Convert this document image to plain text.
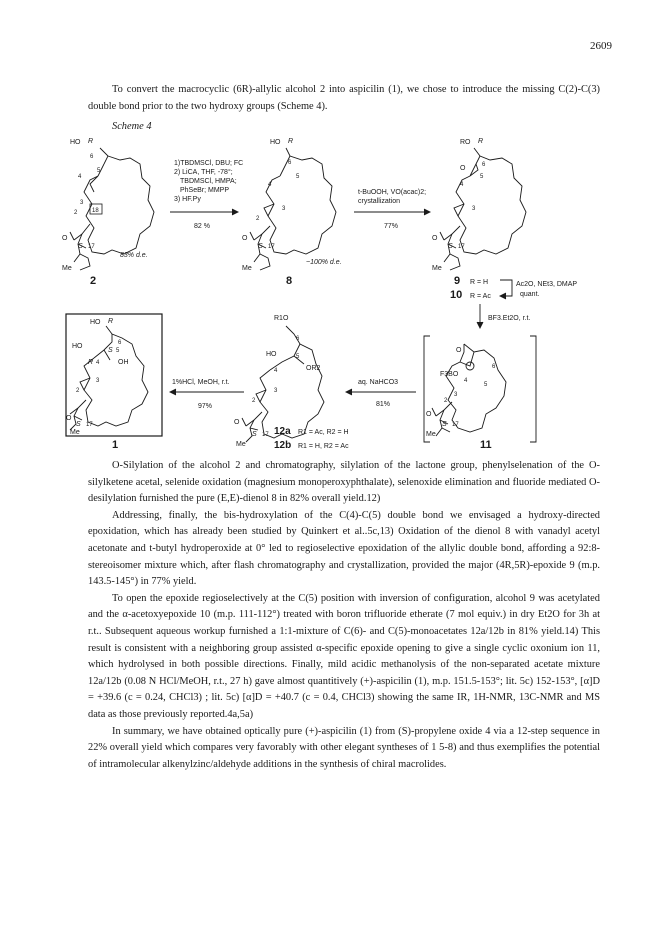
2609

To convert the macrocyclic (6R)-allylic alcohol 2 into aspicilin (1), we chose to introduce the missing C(2)-C(3) double bond prior to the two hydroxy groups (Scheme 4).

Scheme 4
HO R
6
5
4
3
2 18
O
S 17
Me
83% d.e.
2
1)TBDMSCl, DBU; FC
2) LiCA, THF, -78°;
TBDMSCl, HMPA;
PhSeBr; MMPP
3) HF.Py
82 %
HO R
6
5
4
3
2
O
S 17
Me
~100% d.e.
8
t-BuOOH, VO(acac)2;
crystallization
77%
RO R
O	6
5
4
3
O
S 17
Me
9 R = H
10 R = Ac
Ac2O, NEt3, DMAP
quant.
BF3.Et2O, r.t.
O
F3BO
6
5
4
3
2
O
S 17
Me
11
aq. NaHCO3
81%
R1O
6
HO	5
OR2
4
3
2
O
S 17
Me
12a R1 = Ac, R2 = H
12b R1 = H, R2 = Ac
1%HCl, MeOH, r.t.
97%
HO R
6
HO
S 5
R 4	OH
3
2
O
S 17
Me
1

O-Silylation of the alcohol 2 and chromatography, silylation of the lactone group, phenylselenation of the O-silylketene acetal, selenide oxidation (magnesium monoperoxyphthalate), selenoxide elimination and fluoride mediated O-desilylation furnished the pure (E,E)-dienol 8 in 82% overall yield.12)

Addressing, finally, the bis-hydroxylation of the C(4)-C(5) double bond we envisaged a hydroxy-directed epoxidation, which has already been studied by Quinkert et al..5c,13) Oxidation of the dienol 8 with vanadyl acetyl acetonate and t-butyl hydroperoxide at 0° led to regioselective epoxidation of the allylic double bond, affording a 92:8-stereoisomer mixture which, after flash chromatography and crystallization, provided the major (4R,5R)-epoxide 9 (m.p. 143.5-145°) in 77% yield.

To open the epoxide regioselectively at the C(5) position with inversion of configuration, alcohol 9 was acetylated and the α-acetoxyepoxide 10 (m.p. 111-112°) treated with boron trifluoride etherate (7 mol equiv.) in dry Et2O for 3h at r.t.. Subsequent aqueous workup furnished a 1:1-mixture of C(6)- and C(5)-monoacetates 12a/12b in 81% yield.14) This result is consistent with a neighboring group assisted α-specific epoxide opening to give a single cyclic oxonium ion 11, which hydrolysed in both possible directions. Finally, mild acidic methanolysis of the non-separated acetate mixture 12a/12b (0.08 N HCl/MeOH, r.t., 27 h) gave almost quantitively (+)-aspicilin (1), m.p. 151.5-153°; lit. 5c) 152-153°, [α]D = +39.6 (c = 0.24, CHCl3) ; lit. 5c) [α]D = +40.7 (c = 0.4, CHCl3) showing the same IR, 1H-NMR, 13C-NMR and MS data as those previously reported.4a,5a)

In summary, we have obtained optically pure (+)-aspicilin (1) from (S)-propylene oxide 4 via a 12-step sequence in 22% overall yield which compares very favorably with other elegant syntheses of 1 5-8) and thus exemplifies the potential of intramolecular alkenylzinc/aldehyde additions in the synthesis of chiral macrolides.
